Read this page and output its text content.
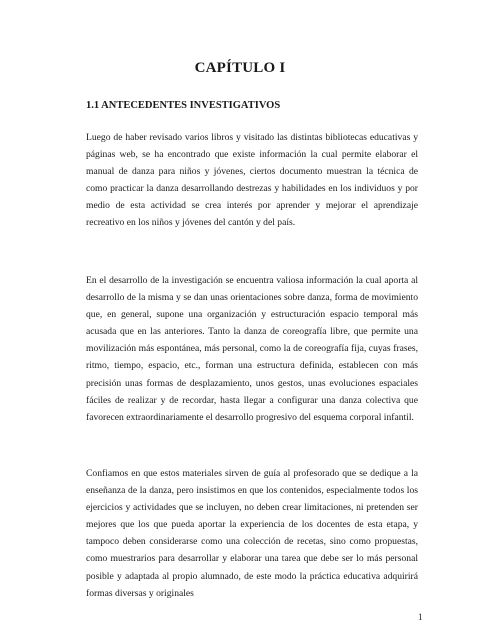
CAPÍTULO I
1.1 ANTECEDENTES INVESTIGATIVOS

Luego de haber revisado varios libros y visitado las distintas bibliotecas educativas y páginas web, se ha encontrado que existe información la cual permite elaborar el manual de danza para niños y jóvenes, ciertos documento muestran la técnica de como practicar la danza desarrollando destrezas y habilidades en los individuos y por medio de esta actividad se crea interés por aprender y mejorar el aprendizaje recreativo en los niños y jóvenes del cantón y del país.

En el desarrollo de la investigación se encuentra valiosa información la cual aporta al desarrollo de la misma y se dan unas orientaciones sobre danza, forma de movimiento que, en general, supone una organización y estructuración espacio temporal más acusada que en las anteriores. Tanto la danza de coreografía libre, que permite una movilización más espontánea, más personal, como la de coreografía fija, cuyas frases, ritmo, tiempo, espacio, etc., forman una estructura definida, establecen con más precisión unas formas de desplazamiento, unos gestos, unas evoluciones espaciales fáciles de realizar y de recordar, hasta llegar a configurar una danza colectiva que favorecen extraordinariamente el desarrollo progresivo del esquema corporal infantil.

Confiamos en que estos materiales sirven de guía al profesorado que se dedique a la enseñanza de la danza, pero insistimos en que los contenidos, especialmente todos los ejercicios y actividades que se incluyen, no deben crear limitaciones, ni pretenden ser mejores que los que pueda aportar la experiencia de los docentes de esta etapa, y tampoco deben considerarse como una colección de recetas, sino como propuestas, como muestrarios para desarrollar y elaborar una tarea que debe ser lo más personal posible y adaptada al propio alumnado, de este modo la práctica educativa adquirirá formas diversas y originales

1
